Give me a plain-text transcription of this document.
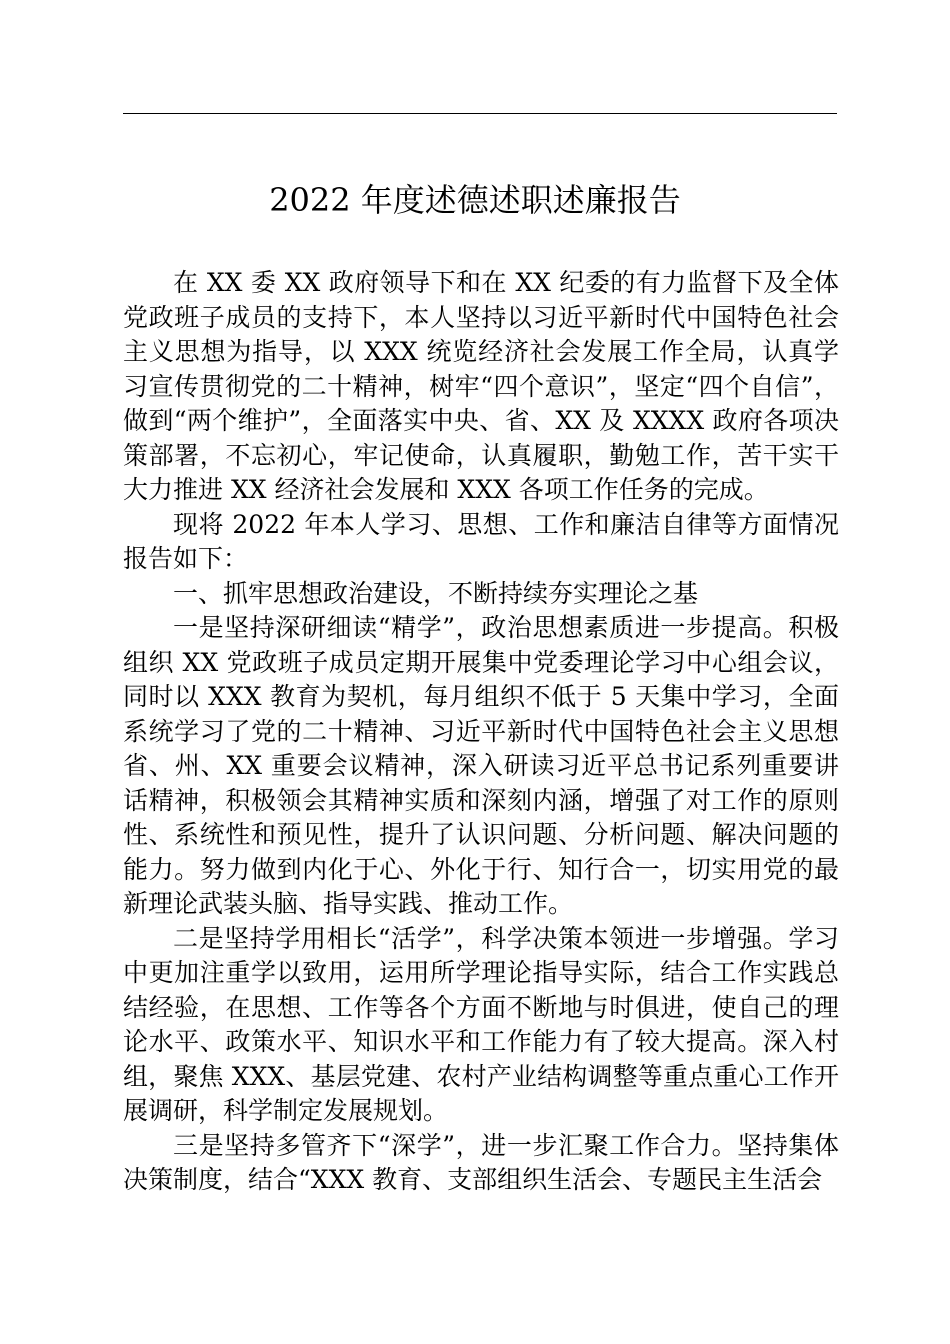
2022 年度述德述职述廉报告

在 XX 委 XX 政府领导下和在 XX 纪委的有力监督下及全体党政班子成员的支持下，本人坚持以习近平新时代中国特色社会主义思想为指导，以 XXX 统览经济社会发展工作全局，认真学习宣传贯彻党的二十精神，树牢“四个意识”，坚定“四个自信”，做到“两个维护”，全面落实中央、省、XX 及 XXXX 政府各项决策部署，不忘初心，牢记使命，认真履职，勤勉工作，苦干实干大力推进 XX 经济社会发展和 XXX 各项工作任务的完成。

现将 2022 年本人学习、思想、工作和廉洁自律等方面情况报告如下：

一、抓牢思想政治建设，不断持续夯实理论之基

一是坚持深研细读“精学”，政治思想素质进一步提高。积极组织 XX 党政班子成员定期开展集中党委理论学习中心组会议，同时以 XXX 教育为契机，每月组织不低于 5 天集中学习，全面系统学习了党的二十精神、习近平新时代中国特色社会主义思想省、州、XX 重要会议精神，深入研读习近平总书记系列重要讲话精神，积极领会其精神实质和深刻内涵，增强了对工作的原则性、系统性和预见性，提升了认识问题、分析问题、解决问题的能力。努力做到内化于心、外化于行、知行合一，切实用党的最新理论武装头脑、指导实践、推动工作。

二是坚持学用相长“活学”，科学决策本领进一步增强。学习中更加注重学以致用，运用所学理论指导实际，结合工作实践总结经验，在思想、工作等各个方面不断地与时俱进，使自己的理论水平、政策水平、知识水平和工作能力有了较大提高。深入村组，聚焦 XXX、基层党建、农村产业结构调整等重点重心工作开展调研，科学制定发展规划。

三是坚持多管齐下“深学”，进一步汇聚工作合力。坚持集体决策制度，结合“XXX 教育、支部组织生活会、专题民主生活会
